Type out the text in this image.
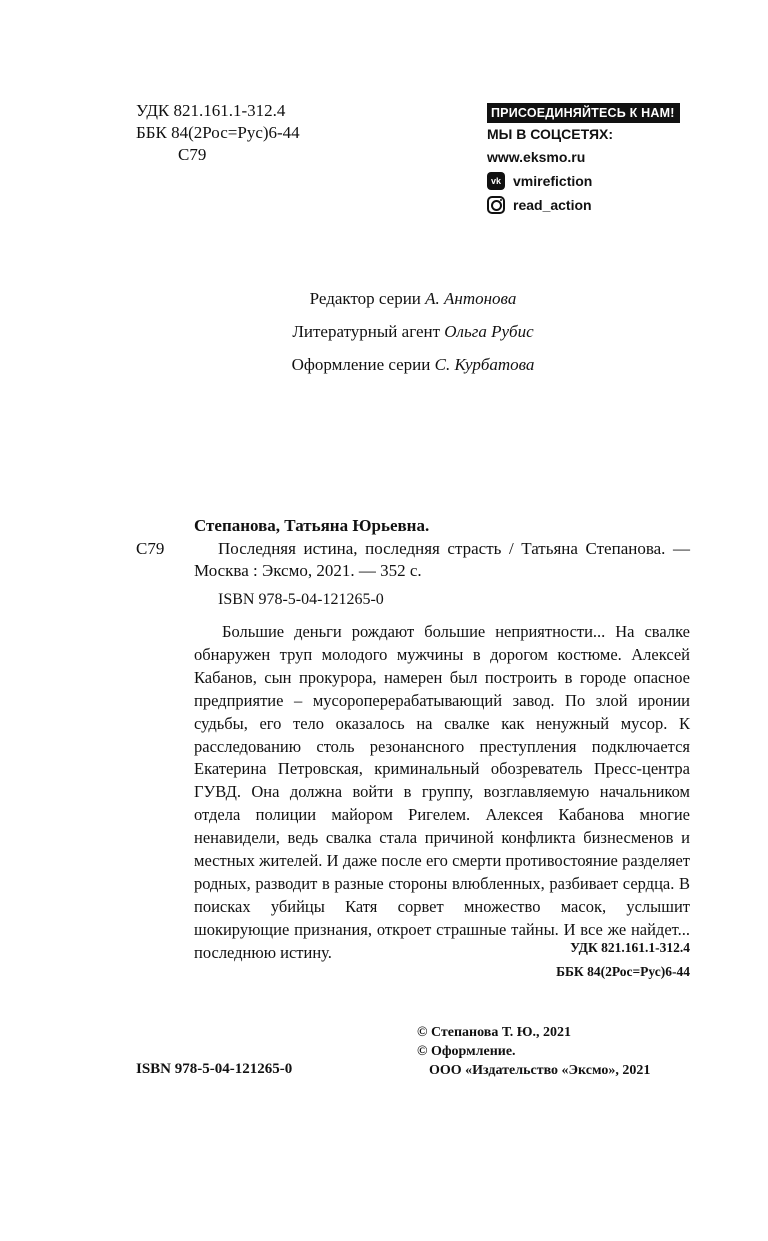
УДК 821.161.1-312.4
ББК 84(2Рос=Рус)6-44
С79
ПРИСОЕДИНЯЙТЕСЬ К НАМ!
МЫ В СОЦСЕТЯХ:
www.eksmo.ru
vk vmirefiction
read_action
Редактор серии А. Антонова
Литературный агент Ольга Рубис
Оформление серии С. Курбатова
Степанова, Татьяна Юрьевна.
С79	Последняя истина, последняя страсть / Татьяна Степанова. — Москва : Эксмо, 2021. — 352 с.
ISBN 978-5-04-121265-0
Большие деньги рождают большие неприятности... На свалке обнаружен труп молодого мужчины в дорогом костюме. Алексей Кабанов, сын прокурора, намерен был построить в городе опасное предприятие – мусороперерабатывающий завод. По злой иронии судьбы, его тело оказалось на свалке как ненужный мусор. К расследованию столь резонансного преступления подключается Екатерина Петровская, криминальный обозреватель Пресс-центра ГУВД. Она должна войти в группу, возглавляемую начальником отдела полиции майором Ригелем. Алексея Кабанова многие ненавидели, ведь свалка стала причиной конфликта бизнесменов и местных жителей. И даже после его смерти противостояние разделяет родных, разводит в разные стороны влюбленных, разбивает сердца. В поисках убийцы Катя сорвет множество масок, услышит шокирующие признания, откроет страшные тайны. И все же найдет... последнюю истину.	УДК 821.161.1-312.4
ББК 84(2Рос=Рус)6-44
© Степанова Т. Ю., 2021
© Оформление.
ООО «Издательство «Эксмо», 2021
ISBN 978-5-04-121265-0
